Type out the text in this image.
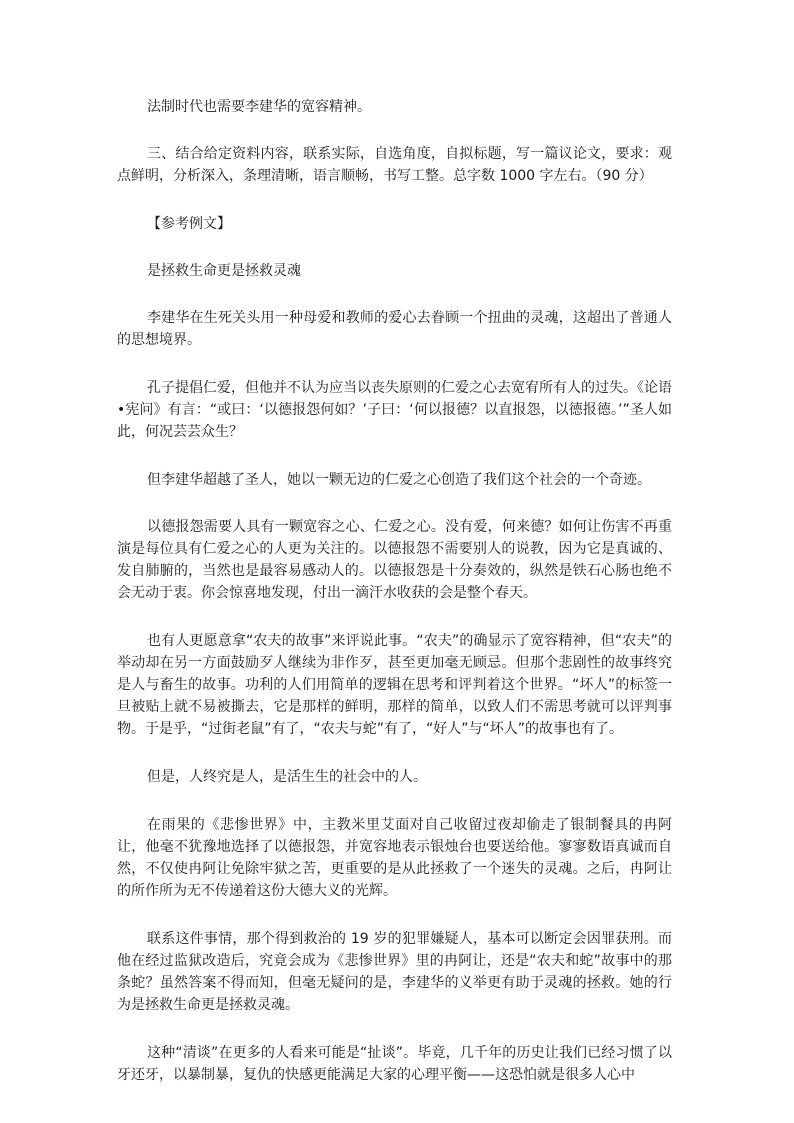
法制时代也需要李建华的宽容精神。

三、结合给定资料内容，联系实际，自选角度，自拟标题，写一篇议论文，要求：观点鲜明，分析深入，条理清晰，语言顺畅，书写工整。总字数 1000 字左右。（90 分）

【参考例文】

是拯救生命更是拯救灵魂

李建华在生死关头用一种母爱和教师的爱心去眷顾一个扭曲的灵魂，这超出了普通人的思想境界。

孔子提倡仁爱，但他并不认为应当以丧失原则的仁爱之心去宽宥所有人的过失。《论语•宪问》有言：“或曰：‘以德报怨何如？’子曰：‘何以报德？以直报怨，以德报德。’”圣人如此，何况芸芸众生？

但李建华超越了圣人，她以一颗无边的仁爱之心创造了我们这个社会的一个奇迹。

以德报怨需要人具有一颗宽容之心、仁爱之心。没有爱，何来德？如何让伤害不再重演是每位具有仁爱之心的人更为关注的。以德报怨不需要别人的说教，因为它是真诚的、发自肺腑的，当然也是最容易感动人的。以德报怨是十分奏效的，纵然是铁石心肠也绝不会无动于衷。你会惊喜地发现，付出一滴汗水收获的会是整个春天。

也有人更愿意拿“农夫的故事”来评说此事。“农夫”的确显示了宽容精神，但“农夫”的举动却在另一方面鼓励歹人继续为非作歹，甚至更加毫无顾忌。但那个悲剧性的故事终究是人与畜生的故事。功利的人们用简单的逻辑在思考和评判着这个世界。“坏人”的标签一旦被贴上就不易被撕去，它是那样的鲜明，那样的简单，以致人们不需思考就可以评判事物。于是乎，“过街老鼠”有了，“农夫与蛇”有了，“好人”与“坏人”的故事也有了。

但是，人终究是人，是活生生的社会中的人。

在雨果的《悲惨世界》中，主教米里艾面对自己收留过夜却偷走了银制餐具的冉阿让，他毫不犹豫地选择了以德报怨，并宽容地表示银烛台也要送给他。寥寥数语真诚而自然，不仅使冉阿让免除牢狱之苦，更重要的是从此拯救了一个迷失的灵魂。之后，冉阿让的所作所为无不传递着这份大德大义的光辉。

联系这件事情，那个得到救治的 19 岁的犯罪嫌疑人，基本可以断定会因罪获刑。而他在经过监狱改造后，究竟会成为《悲惨世界》里的冉阿让，还是“农夫和蛇”故事中的那条蛇？虽然答案不得而知，但毫无疑问的是，李建华的义举更有助于灵魂的拯救。她的行为是拯救生命更是拯救灵魂。

这种“清谈”在更多的人看来可能是“扯谈”。毕竟，几千年的历史让我们已经习惯了以牙还牙，以暴制暴，复仇的快感更能满足大家的心理平衡——这恐怕就是很多人心中
